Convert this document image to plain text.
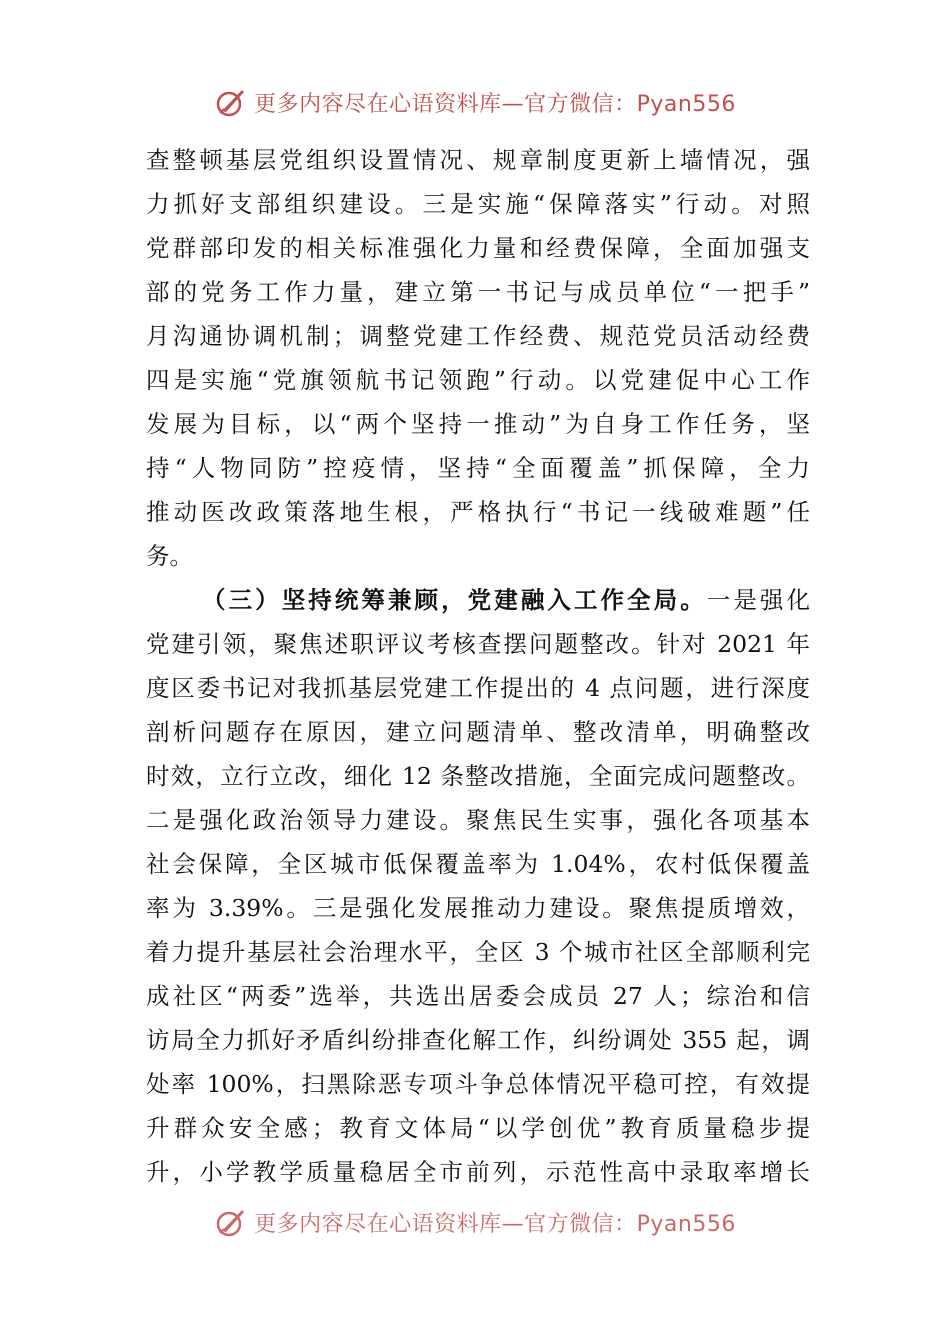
更多内容尽在心语资料库—官方微信：Pyan556
查整顿基层党组织设置情况、规章制度更新上墙情况，强
力抓好支部组织建设。三是实施“保障落实”行动。对照
党群部印发的相关标准强化力量和经费保障，全面加强支
部的党务工作力量，建立第一书记与成员单位“一把手”
月沟通协调机制；调整党建工作经费、规范党员活动经费
四是实施“党旗领航书记领跑”行动。以党建促中心工作
发展为目标，以“两个坚持一推动”为自身工作任务，坚
持“人物同防”控疫情，坚持“全面覆盖”抓保障，全力
推动医改政策落地生根，严格执行“书记一线破难题”任
务。
（三）坚持统筹兼顾，党建融入工作全局。一是强化
党建引领，聚焦述职评议考核查摆问题整改。针对 2021 年
度区委书记对我抓基层党建工作提出的 4 点问题，进行深度
剖析问题存在原因，建立问题清单、整改清单，明确整改
时效，立行立改，细化 12 条整改措施，全面完成问题整改。
二是强化政治领导力建设。聚焦民生实事，强化各项基本
社会保障，全区城市低保覆盖率为 1.04%，农村低保覆盖
率为 3.39%。三是强化发展推动力建设。聚焦提质增效，
着力提升基层社会治理水平，全区 3 个城市社区全部顺利完
成社区“两委”选举，共选出居委会成员 27 人；综治和信
访局全力抓好矛盾纠纷排查化解工作，纠纷调处 355 起，调
处率 100%，扫黑除恶专项斗争总体情况平稳可控，有效提
升群众安全感；教育文体局“以学创优”教育质量稳步提
升，小学教学质量稳居全市前列，示范性高中录取率增长
更多内容尽在心语资料库—官方微信：Pyan556
